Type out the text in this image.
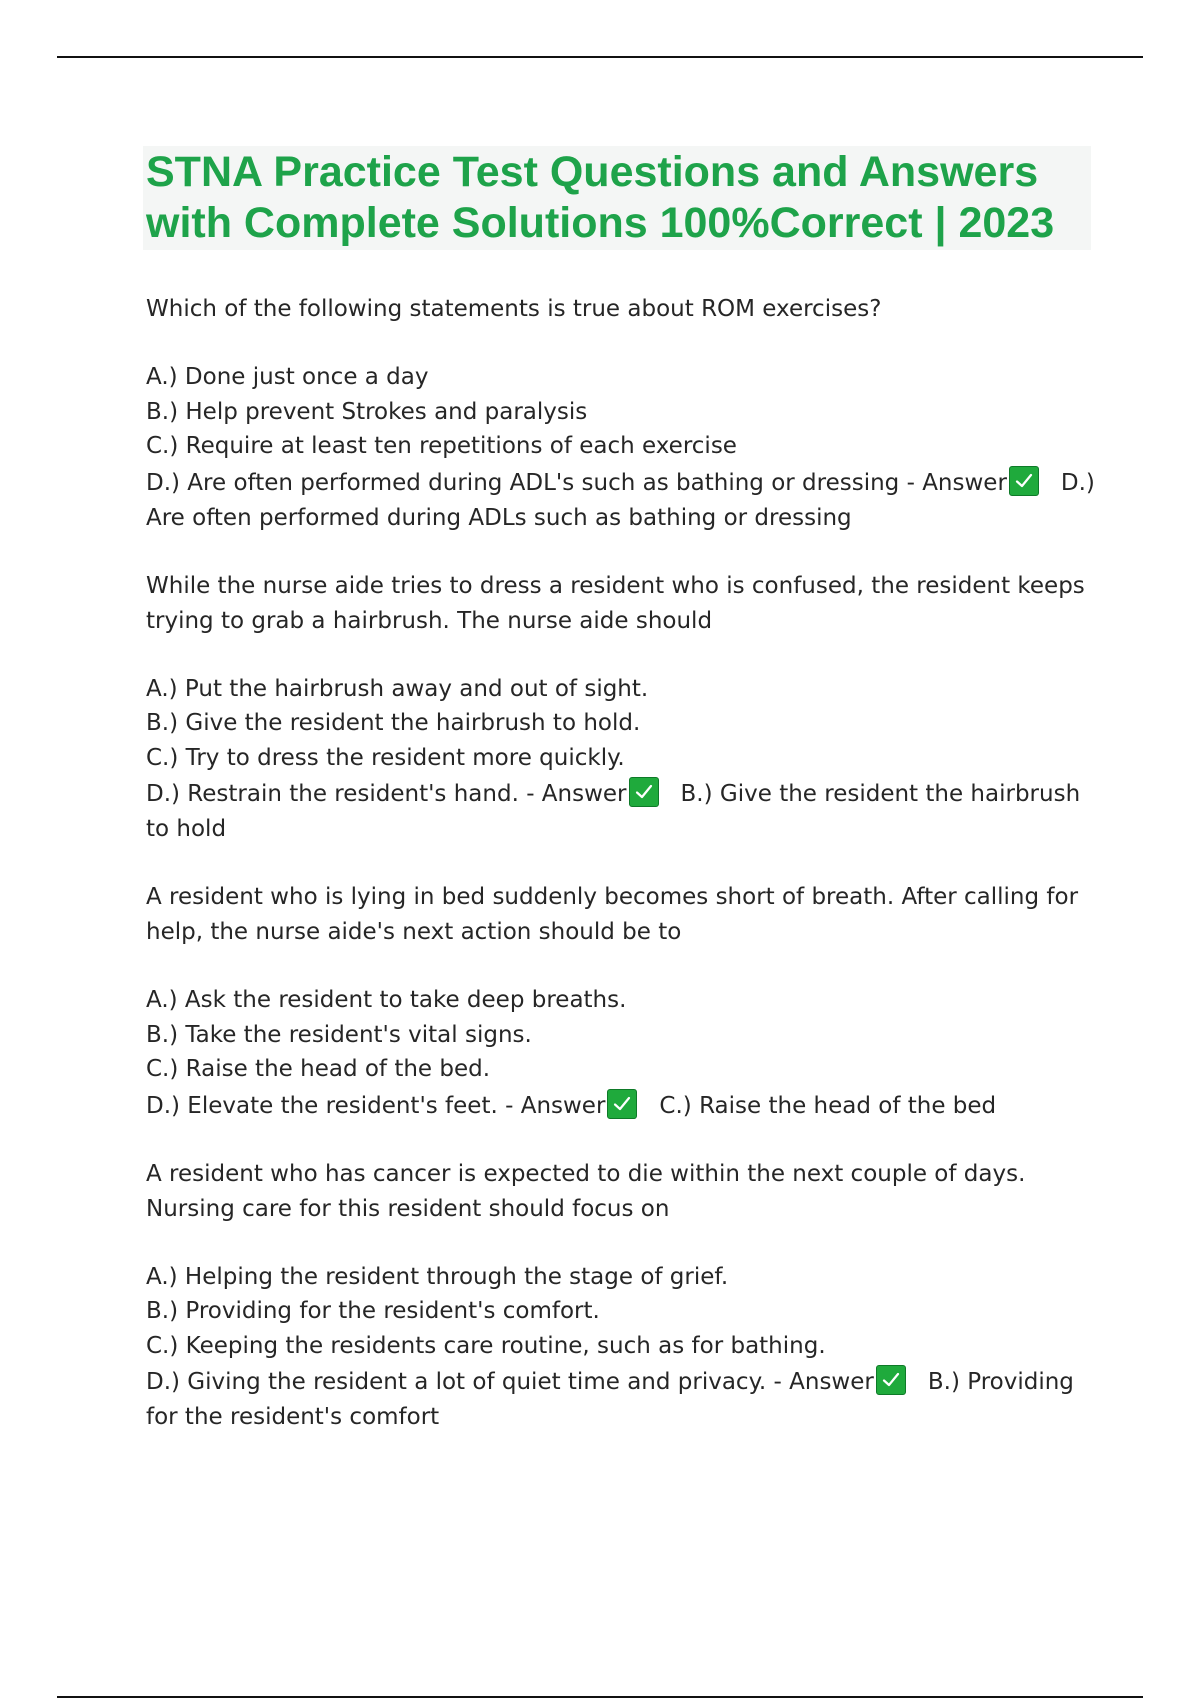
STNA Practice Test Questions and Answers
with Complete Solutions 100%Correct | 2023

Which of the following statements is true about ROM exercises?

A.) Done just once a day

B.) Help prevent Strokes and paralysis

C.) Require at least ten repetitions of each exercise

D.) Are often performed during ADL's such as bathing or dressing - Answer D.) Are often performed during ADLs such as bathing or dressing

While the nurse aide tries to dress a resident who is confused, the resident keeps trying to grab a hairbrush. The nurse aide should

A.) Put the hairbrush away and out of sight.

B.) Give the resident the hairbrush to hold.

C.) Try to dress the resident more quickly.

D.) Restrain the resident's hand. - Answer B.) Give the resident the hairbrush to hold

A resident who is lying in bed suddenly becomes short of breath. After calling for help, the nurse aide's next action should be to

A.) Ask the resident to take deep breaths.

B.) Take the resident's vital signs.

C.) Raise the head of the bed.

D.) Elevate the resident's feet. - Answer C.) Raise the head of the bed

A resident who has cancer is expected to die within the next couple of days. Nursing care for this resident should focus on

A.) Helping the resident through the stage of grief.

B.) Providing for the resident's comfort.

C.) Keeping the residents care routine, such as for bathing.

D.) Giving the resident a lot of quiet time and privacy. - Answer B.) Providing for the resident's comfort
